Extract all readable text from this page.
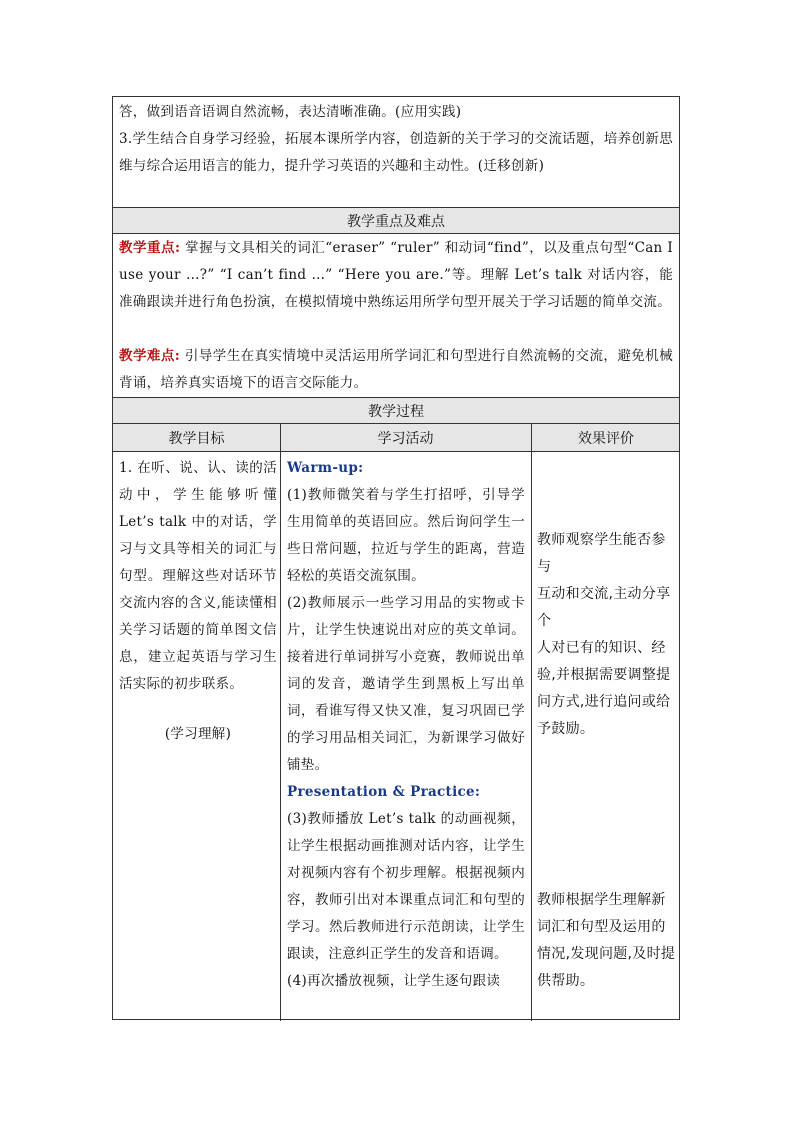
答，做到语音语调自然流畅，表达清晰准确。(应用实践)
3.学生结合自身学习经验，拓展本课所学内容，创造新的关于学习的交流话题，培养创新思维与综合运用语言的能力，提升学习英语的兴趣和主动性。(迁移创新)
教学重点及难点
教学重点: 掌握与文具相关的词汇“eraser” “ruler” 和动词“find”，以及重点句型“Can I use your …?” “I can’t find …” “Here you are.”等。理解 Let’s talk 对话内容，能准确跟读并进行角色扮演，在模拟情境中熟练运用所学句型开展关于学习话题的简单交流。
教学难点: 引导学生在真实情境中灵活运用所学词汇和句型进行自然流畅的交流，避免机械背诵，培养真实语境下的语言交际能力。
教学过程
教学目标	学习活动	效果评价
1. 在听、说、认、读的活动中，学生能够听懂Let’s talk 中的对话，学习与文具等相关的词汇与句型。理解这些对话环节交流内容的含义,能读懂相关学习话题的简单图文信息，建立起英语与学习生活实际的初步联系。
(学习理解)
Warm-up:
(1)教师微笑着与学生打招呼，引导学生用简单的英语回应。然后询问学生一些日常问题，拉近与学生的距离，营造轻松的英语交流氛围。
(2)教师展示一些学习用品的实物或卡片，让学生快速说出对应的英文单词。接着进行单词拼写小竞赛，教师说出单词的发音，邀请学生到黑板上写出单词，看谁写得又快又准，复习巩固已学的学习用品相关词汇，为新课学习做好铺垫。
Presentation & Practice:
(3)教师播放 Let’s talk 的动画视频，让学生根据动画推测对话内容，让学生对视频内容有个初步理解。根据视频内容，教师引出对本课重点词汇和句型的学习。然后教师进行示范朗读，让学生跟读，注意纠正学生的发音和语调。
(4)再次播放视频，让学生逐句跟读
教师观察学生能否参与
互动和交流,主动分享个
人对已有的知识、经验,并根据需要调整提问方式,进行追问或给予鼓励。
教师根据学生理解新词汇和句型及运用的情况,发现问题,及时提供帮助。
